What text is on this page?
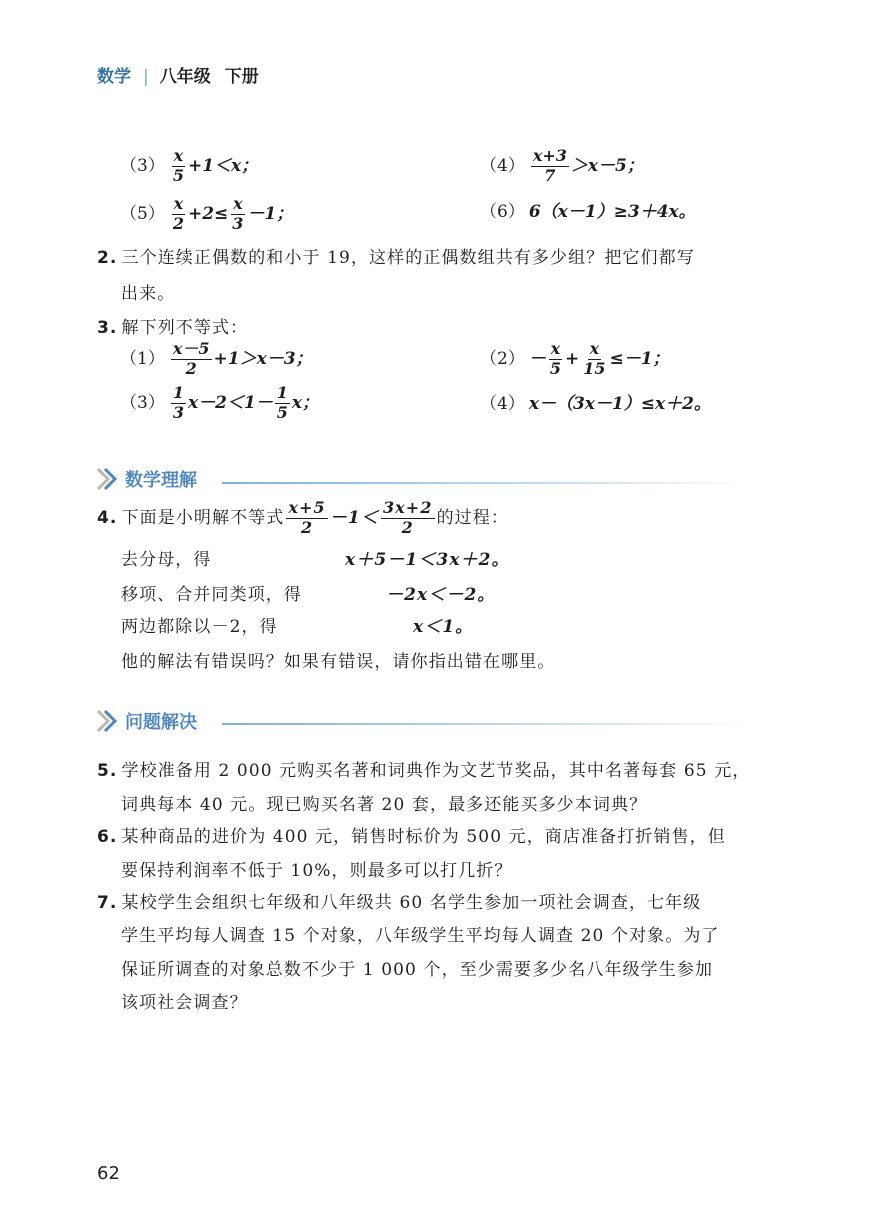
数学 | 八年级 下册
$(3) \frac{x}{5} +1<x$；	$(4) \frac{x+3}{7} >x-5$；
$(5) \frac{x}{2} +2\le \frac{x}{3} -1$；	（6） 6（x－1）≥3＋4x。
2. 三个连续正偶数的和小于 19，这样的正偶数组共有多少组？把它们都写
出来。
3. 解下列不等式：
$(1) \frac{x-5}{2} +1>x-3$；	$(2) - \frac{x}{5} + \frac{x}{15} \le-1$；
$(3) \frac{1}{3} x-2<1- \frac{1}{5}$ x；	（4） x－（3x－1）≤x＋2。
数学理解
4. 下面是小明解不等式 $\frac{x+5}{2} -1< \frac{3x+2}{2}$ 的过程：
去分母，得	x＋5－1＜3x＋2。
移项、合并同类项，得	－2x＜－2。
两边都除以－2，得	x＜1。
他的解法有错误吗？如果有错误，请你指出错在哪里。
问题解决
5. 学校准备用 2 000 元购买名著和词典作为文艺节奖品，其中名著每套 65 元，
词典每本 40 元。现已购买名著 20 套，最多还能买多少本词典？
6. 某种商品的进价为 400 元，销售时标价为 500 元，商店准备打折销售，但
要保持利润率不低于 10%，则最多可以打几折？
7. 某校学生会组织七年级和八年级共 60 名学生参加一项社会调查，七年级
学生平均每人调查 15 个对象，八年级学生平均每人调查 20 个对象。为了
保证所调查的对象总数不少于 1 000 个，至少需要多少名八年级学生参加
该项社会调查？
62
